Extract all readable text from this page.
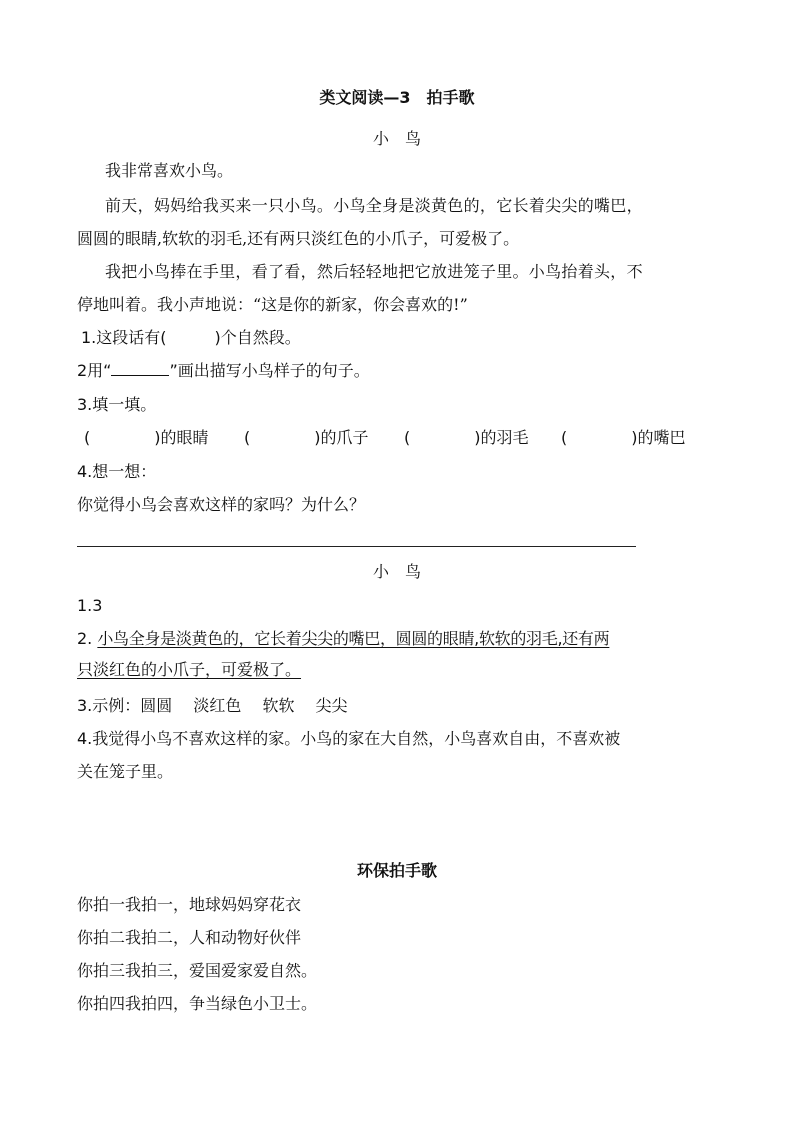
类文阅读—3　拍手歌
小　鸟
我非常喜欢小鸟。
前天，妈妈给我买来一只小鸟。小鸟全身是淡黄色的，它长着尖尖的嘴巴，
圆圆的眼睛,软软的羽毛,还有两只淡红色的小爪子，可爱极了。
我把小鸟捧在手里，看了看，然后轻轻地把它放进笼子里。小鸟抬着头，不
停地叫着。我小声地说：“这是你的新家，你会喜欢的!”
1.这段话有(　　　)个自然段。
2用“	”画出描写小鸟样子的句子。
3.填一填。
(　　　　)的眼睛 (　　　　)的爪子 (　　　　)的羽毛 (　　　　)的嘴巴
4.想一想：
你觉得小鸟会喜欢这样的家吗？为什么？
小　鸟
1.3
2. 小鸟全身是淡黄色的，它长着尖尖的嘴巴，圆圆的眼睛,软软的羽毛,还有两
只淡红色的小爪子，可爱极了。
3.示例：圆圆　 淡红色　 软软　 尖尖
4.我觉得小鸟不喜欢这样的家。小鸟的家在大自然，小鸟喜欢自由，不喜欢被
关在笼子里。
环保拍手歌
你拍一我拍一，地球妈妈穿花衣
你拍二我拍二，人和动物好伙伴
你拍三我拍三，爱国爱家爱自然。
你拍四我拍四，争当绿色小卫士。
